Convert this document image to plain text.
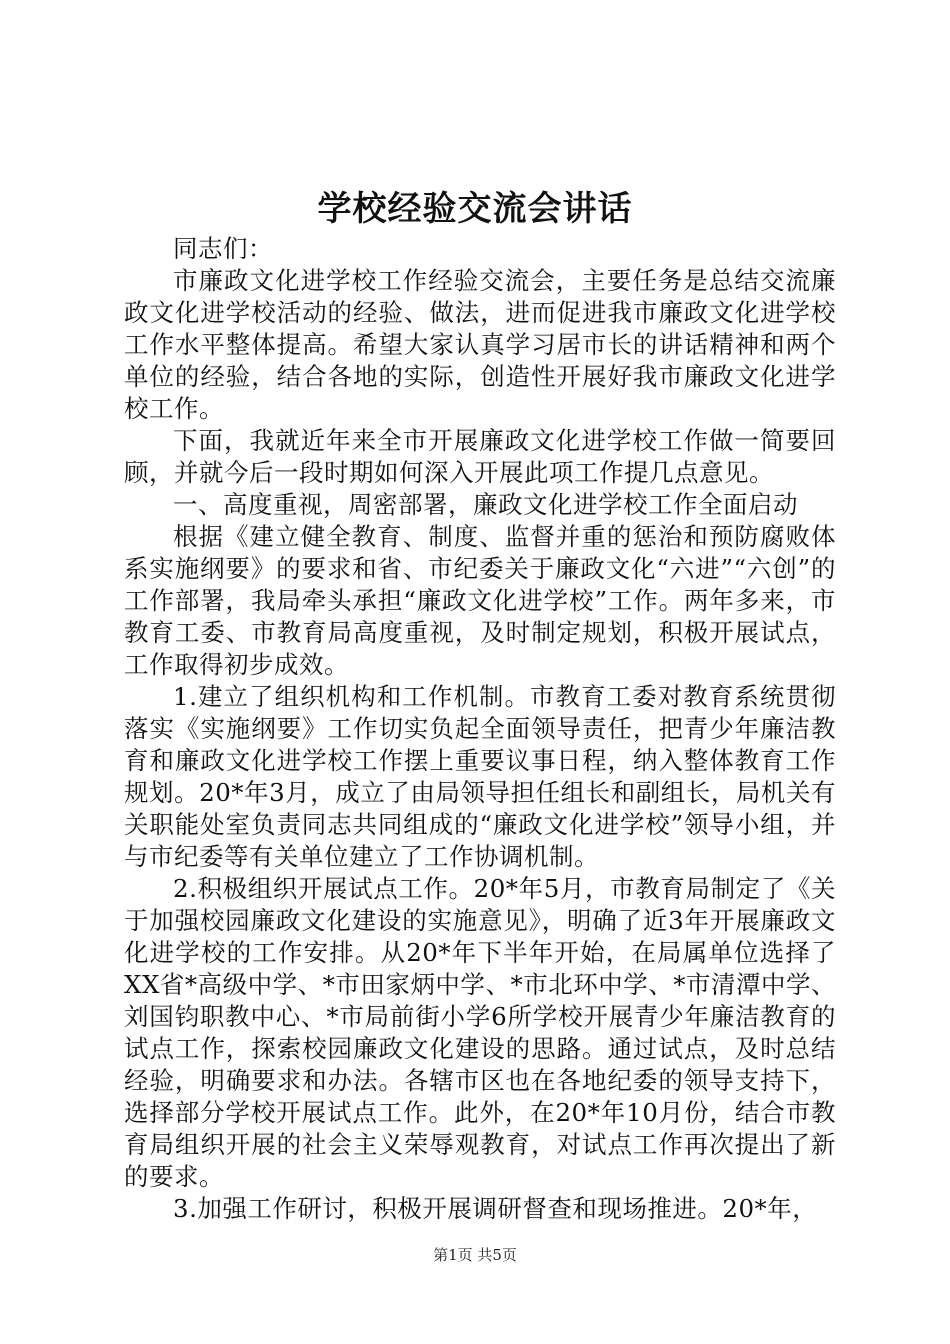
学校经验交流会讲话

同志们：

市廉政文化进学校工作经验交流会，主要任务是总结交流廉政文化进学校活动的经验、做法，进而促进我市廉政文化进学校工作水平整体提高。希望大家认真学习居市长的讲话精神和两个单位的经验，结合各地的实际，创造性开展好我市廉政文化进学校工作。

下面，我就近年来全市开展廉政文化进学校工作做一简要回顾，并就今后一段时期如何深入开展此项工作提几点意见。

一、高度重视，周密部署，廉政文化进学校工作全面启动

根据《建立健全教育、制度、监督并重的惩治和预防腐败体系实施纲要》的要求和省、市纪委关于廉政文化“六进”“六创”的工作部署，我局牵头承担“廉政文化进学校”工作。两年多来，市教育工委、市教育局高度重视，及时制定规划，积极开展试点，工作取得初步成效。

1.建立了组织机构和工作机制。市教育工委对教育系统贯彻落实《实施纲要》工作切实负起全面领导责任，把青少年廉洁教育和廉政文化进学校工作摆上重要议事日程，纳入整体教育工作规划。20*年3月，成立了由局领导担任组长和副组长，局机关有关职能处室负责同志共同组成的“廉政文化进学校”领导小组，并与市纪委等有关单位建立了工作协调机制。

2.积极组织开展试点工作。20*年5月，市教育局制定了《关于加强校园廉政文化建设的实施意见》，明确了近3年开展廉政文化进学校的工作安排。从20*年下半年开始，在局属单位选择了XX省*高级中学、*市田家炳中学、*市北环中学、*市清潭中学、刘国钧职教中心、*市局前街小学6所学校开展青少年廉洁教育的试点工作，探索校园廉政文化建设的思路。通过试点，及时总结经验，明确要求和办法。各辖市区也在各地纪委的领导支持下，选择部分学校开展试点工作。此外，在20*年10月份，结合市教育局组织开展的社会主义荣辱观教育，对试点工作再次提出了新的要求。

3.加强工作研讨，积极开展调研督查和现场推进。20*年，

第1页 共5页
